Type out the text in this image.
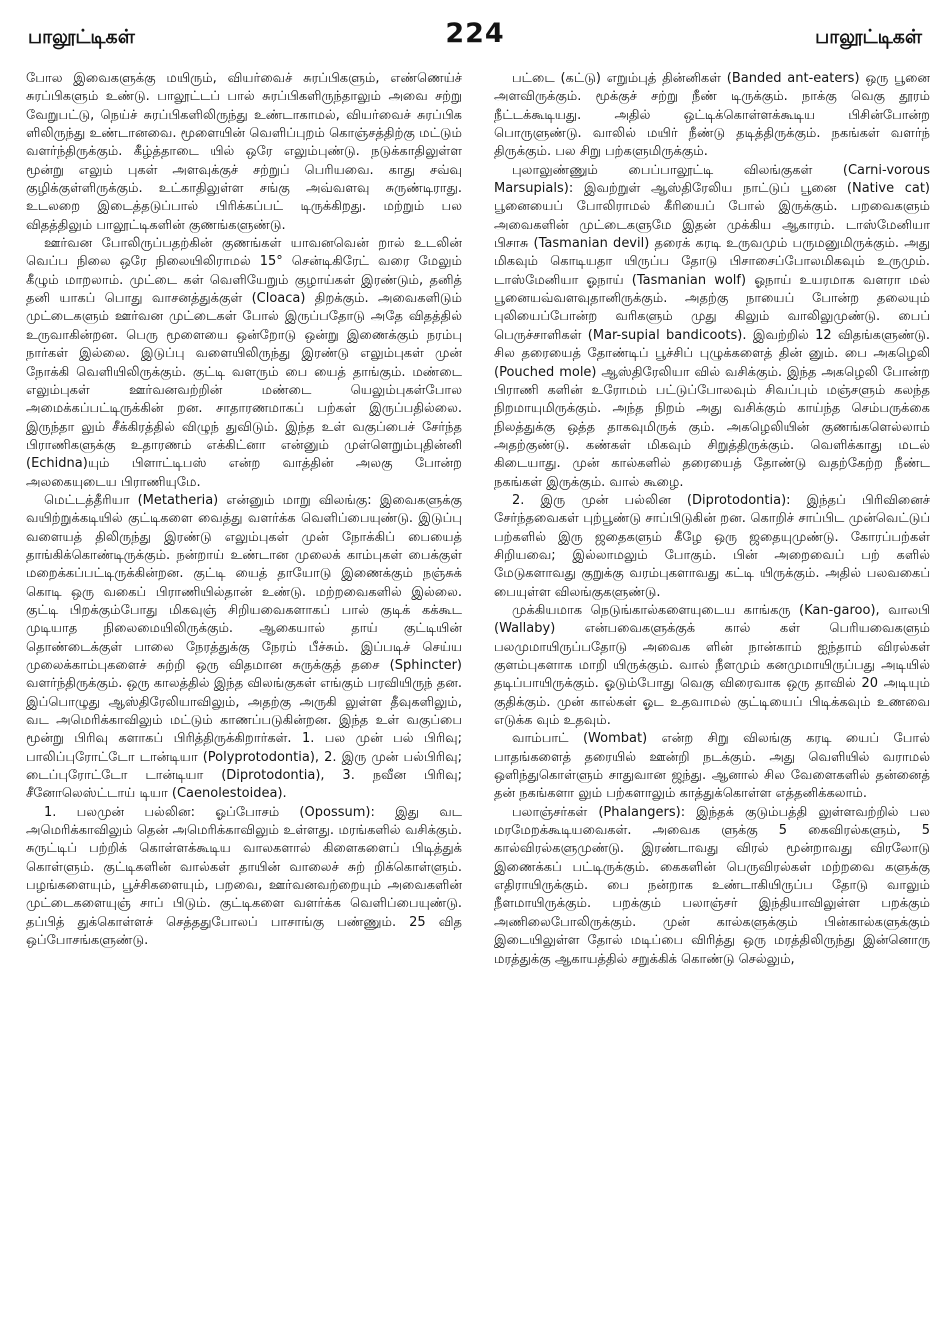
பாலூட்டிகள்	224	பாலூட்டிகள்

போல இவைகளுக்கு மயிரும், வியர்வைச் சுரப்பிகளும், எண்ணெய்ச் சுரப்பிகளும் உண்டு. பாலூட்டப் பால் சுரப்பிகளிருந்தாலும் அவை சற்று வேறுபட்டு, நெய்ச் சுரப்பிகளிலிருந்து உண்டாகாமல், வியர்வைச் சுரப்பிக ளிலிருந்து உண்டானவை. மூளையின் வெளிப்புறம் கொஞ்சத்திற்கு மட்டும் வளர்ந்திருக்கும். கீழ்த்தாடை யில் ஒரே எலும்புண்டு. நடுக்காதிலுள்ள மூன்று எலும் புகள் அளவுக்குச் சற்றுப் பெரியவை. காது சவ்வு குழிக்குள்ளிருக்கும். உட்காதிலுள்ள சங்கு அவ்வளவு சுருண்டிராது. உடலறை இடைத்தடுப்பால் பிரிக்கப்பட் டிருக்கிறது. மற்றும் பல விதத்திலும் பாலூட்டிகளின் குணங்களுண்டு.

ஊர்வன போலிருப்பதற்கின் குணங்கள் யாவனவென் றால் உடலின் வெப்ப நிலை ஒரே நிலையிலிராமல் 15° சென்டிகிரேட் வரை மேலும் கீழும் மாறலாம். முட்டை கள் வெளியேறும் குழாய்கள் இரண்டும், தனித் தனி யாகப் பொது வாசனத்துக்குள் (Cloaca) திறக்கும். அவைகளிடும் முட்டைகளும் ஊர்வன முட்டைகள் போல் இருப்பதோடு அதே விதத்தில் உருவாகின்றன. பெரு மூளையை ஒன்றோடு ஒன்று இணைக்கும் நரம்பு நார்கள் இல்லை. இடுப்பு வளையிலிருந்து இரண்டு எலும்புகள் முன் நோக்கி வெளியிலிருக்கும். குட்டி வளரும் பை யைத் தாங்கும். மண்டை எலும்புகள் ஊர்வனவற்றின் மண்டை யெலும்புகள்போல அமைக்கப்பட்டிருக்கின் றன. சாதாரணமாகப் பற்கள் இருப்பதில்லை. இருந்தா லும் சீக்கிரத்தில் விழுந் துவிடும். இந்த உள் வகுப்பைச் சேர்ந்த பிராணிகளுக்கு உதாரணம் எக்கிட்னா என்னும் முள்ளெறும்புதின்னி (Echidna)யும் பிளாட்டிபஸ் என்ற வாத்தின் அலகு போன்ற அலகையுடைய பிராணியுமே.

மெட்டத்தீரியா (Metatheria) என்னும் மாறு விலங்கு: இவைகளுக்கு வயிற்றுக்கடியில் குட்டிகளை வைத்து வளர்க்க வெளிப்பையுண்டு. இடுப்பு வளையத் திலிருந்து இரண்டு எலும்புகள் முன் நோக்கிப் பையைத் தாங்கிக்கொண்டிருக்கும். நன்றாய் உண்டான முலைக் காம்புகள் பைக்குள் மறைக்கப்பட்டிருக்கின்றன. குட்டி யைத் தாயோடு இணைக்கும் நஞ்சுக் கொடி ஒரு வகைப் பிராணியில்தான் உண்டு. மற்றவைகளில் இல்லை. குட்டி பிறக்கும்போது மிகவுஞ் சிறியவைகளாகப் பால் குடிக் கக்கூட முடியாத நிலைமையிலிருக்கும். ஆகையால் தாய் குட்டியின் தொண்டைக்குள் பாலை நேரத்துக்கு நேரம் பீச்சும். இப்படிச் செய்ய முலைக்காம்புகளைச் சுற்றி ஒரு விதமான சுருக்குத் தசை (Sphincter) வளர்ந்திருக்கும். ஒரு காலத்தில் இந்த விலங்குகள் எங்கும் பரவியிருந் தன. இப்பொழுது ஆஸ்திரேலியாவிலும், அதற்கு அருகி லுள்ள தீவுகளிலும், வட அமெரிக்காவிலும் மட்டும் காணப்படுகின்றன. இந்த உள் வகுப்பை மூன்று பிரிவு களாகப் பிரித்திருக்கிறார்கள். 1. பல முன் பல் பிரிவு; பாலிப்புரோட்டோ டான்டியா (Polyprotodontia), 2. இரு முன் பல்பிரிவு; டைப்புரோட்டோ டான்டியா (Diprotodontia), 3. நவீன பிரிவு; சீனோலெஸ்ட்டாய் டியா (Caenolestoidea).

1. பலமுன் பல்லின: ஓப்போசம் (Opossum): இது வட அமெரிக்காவிலும் தென் அமெரிக்காவிலும் உள்ளது. மரங்களில் வசிக்கும். சுருட்டிப் பற்றிக் கொள்ளக்கூடிய வாலகளால் கிளைகளைப் பிடித்துக் கொள்ளும். குட்டிகளின் வால்கள் தாயின் வாலைச் சுற் றிக்கொள்ளும். பழங்களையும், பூச்சிகளையும், பறவை, ஊர்வனவற்றையும் அவைகளின் முட்டைகளையுஞ் சாப் பிடும். குட்டிகளை வளர்க்க வெளிப்பையுண்டு. தப்பித் துக்கொள்ளச் செத்ததுபோலப் பாசாங்கு பண்ணும். 25 வித ஒப்போசங்களுண்டு.

பட்டை (கட்டு) எறும்புத் தின்னிகள் (Banded ant-eaters) ஒரு பூனை அளவிருக்கும். மூக்குச் சற்று நீண் டிருக்கும். நாக்கு வெகு தூரம் நீட்டக்கூடியது. அதில் ஒட்டிக்கொள்ளக்கூடிய பிசின்போன்ற பொருளுண்டு. வாலில் மயிர் நீண்டு தடித்திருக்கும். நகங்கள் வளர்ந் திருக்கும். பல சிறு பற்களுமிருக்கும்.

புலாலுண்ணும் பைப்பாலூட்டி விலங்குகள் (Carni-vorous Marsupials): இவற்றுள் ஆஸ்திரேலிய நாட்டுப் பூனை (Native cat) பூனையைப் போலிராமல் கீரியைப் போல் இருக்கும். பறவைகளும் அவைகளின் முட்டைகளுமே இதன் முக்கிய ஆகாரம். டாஸ்மேனியா பிசாசு (Tasmanian devil) தரைக் கரடி உருவமும் பருமனுமிருக்கும். அது மிகவும் கொடியதா யிருப்ப தோடு பிசாசைப்போலமிகவும் உருமும். டாஸ்மேனியா ஓநாய் (Tasmanian wolf) ஓநாய் உயரமாக வளரா மல் பூனையவ்வளவுதானிருக்கும். அதற்கு நாயைப் போன்ற தலையும் புலியைப்போன்ற வரிகளும் முது கிலும் வாலிலுமுண்டு. பைப் பெருச்சாளிகள் (Mar-supial bandicoots). இவற்றில் 12 விதங்களுண்டு. சில தரையைத் தோண்டிப் பூச்சிப் புழுக்களைத் தின் னும். பை அகழெலி (Pouched mole) ஆஸ்திரேலியா வில் வசிக்கும். இந்த அகழெலி போன்ற பிராணி களின் உரோமம் பட்டுப்போலவும் சிவப்பும் மஞ்சளும் கலந்த நிறமாயுமிருக்கும். அந்த நிறம் அது வசிக்கும் காய்ந்த செம்பருக்கை நிலத்துக்கு ஒத்த தாகவுமிருக் கும். அகழெலியின் குணங்களெல்லாம் அதற்குண்டு. கண்கள் மிகவும் சிறுத்திருக்கும். வெளிக்காது மடல் கிடையாது. முன் கால்களில் தரையைத் தோண்டு வதற்கேற்ற நீண்ட நகங்கள் இருக்கும். வால் கூழை.

2. இரு முன் பல்லின (Diprotodontia): இந்தப் பிரிவினைச் சேர்ந்தவைகள் புற்பூண்டு சாப்பிடுகின் றன. கொறிச் சாப்பிட முன்வெட்டுப் பற்களில் இரு ஜதைகளும் கீழே ஒரு ஜதையுமுண்டு. கோரப்பற்கள் சிறியவை; இல்லாமலும் போகும். பின் அறைவைப் பற் களில் மேடுகளாவது குறுக்கு வரம்புகளாவது கட்டி யிருக்கும். அதில் பலவகைப் பையுள்ள விலங்குகளுண்டு.

முக்கியமாக நெடுங்கால்களையுடைய காங்கரு (Kan-garoo), வாலபி (Wallaby) என்பவைகளுக்குக் கால் கள் பெரியவைகளும் பலமுமாயிருப்பதோடு அவைக ளின் நான்காம் ஐந்தாம் விரல்கள் குளம்புகளாக மாறி யிருக்கும். வால் நீளமும் கனமுமாயிருப்பது அடியில் தடிப்பாயிருக்கும். ஓடும்போது வெகு விரைவாக ஒரு தாவில் 20 அடியும் குதிக்கும். முன் கால்கள் ஓட உதவாமல் குட்டியைப் பிடிக்கவும் உணவை எடுக்க வும் உதவும்.

வாம்பாட் (Wombat) என்ற சிறு விலங்கு கரடி யைப் போல் பாதங்களைத் தரையில் ஊன்றி நடக்கும். அது வெளியில் வராமல் ஒளிந்துகொள்ளும் சாதுவான ஜந்து. ஆனால் சில வேளைகளில் தன்னைத் தன் நகங்களா லும் பற்களாலும் காத்துக்கொள்ள எத்தனிக்கலாம்.

பலாஞ்சர்கள் (Phalangers): இந்தக் குடும்பத்தி லுள்ளவற்றில் பல மரமேறக்கூடியவைகள். அவைக ளுக்கு 5 கைவிரல்களும், 5 கால்விரல்களுமுண்டு. இரண்டாவது விரல் மூன்றாவது விரலோடு இணைக்கப் பட்டிருக்கும். கைகளின் பெருவிரல்கள் மற்றவை களுக்கு எதிராயிருக்கும். பை நன்றாக உண்டாகியிருப்ப தோடு வாலும் நீளமாயிருக்கும். பறக்கும் பலாஞ்சர் இந்தியாவிலுள்ள பறக்கும் அணிலைபோலிருக்கும். முன் கால்களுக்கும் பின்கால்களுக்கும் இடையிலுள்ள தோல் மடிப்பை விரித்து ஒரு மரத்திலிருந்து இன்னொரு மரத்துக்கு ஆகாயத்தில் சறுக்கிக் கொண்டு செல்லும்,
